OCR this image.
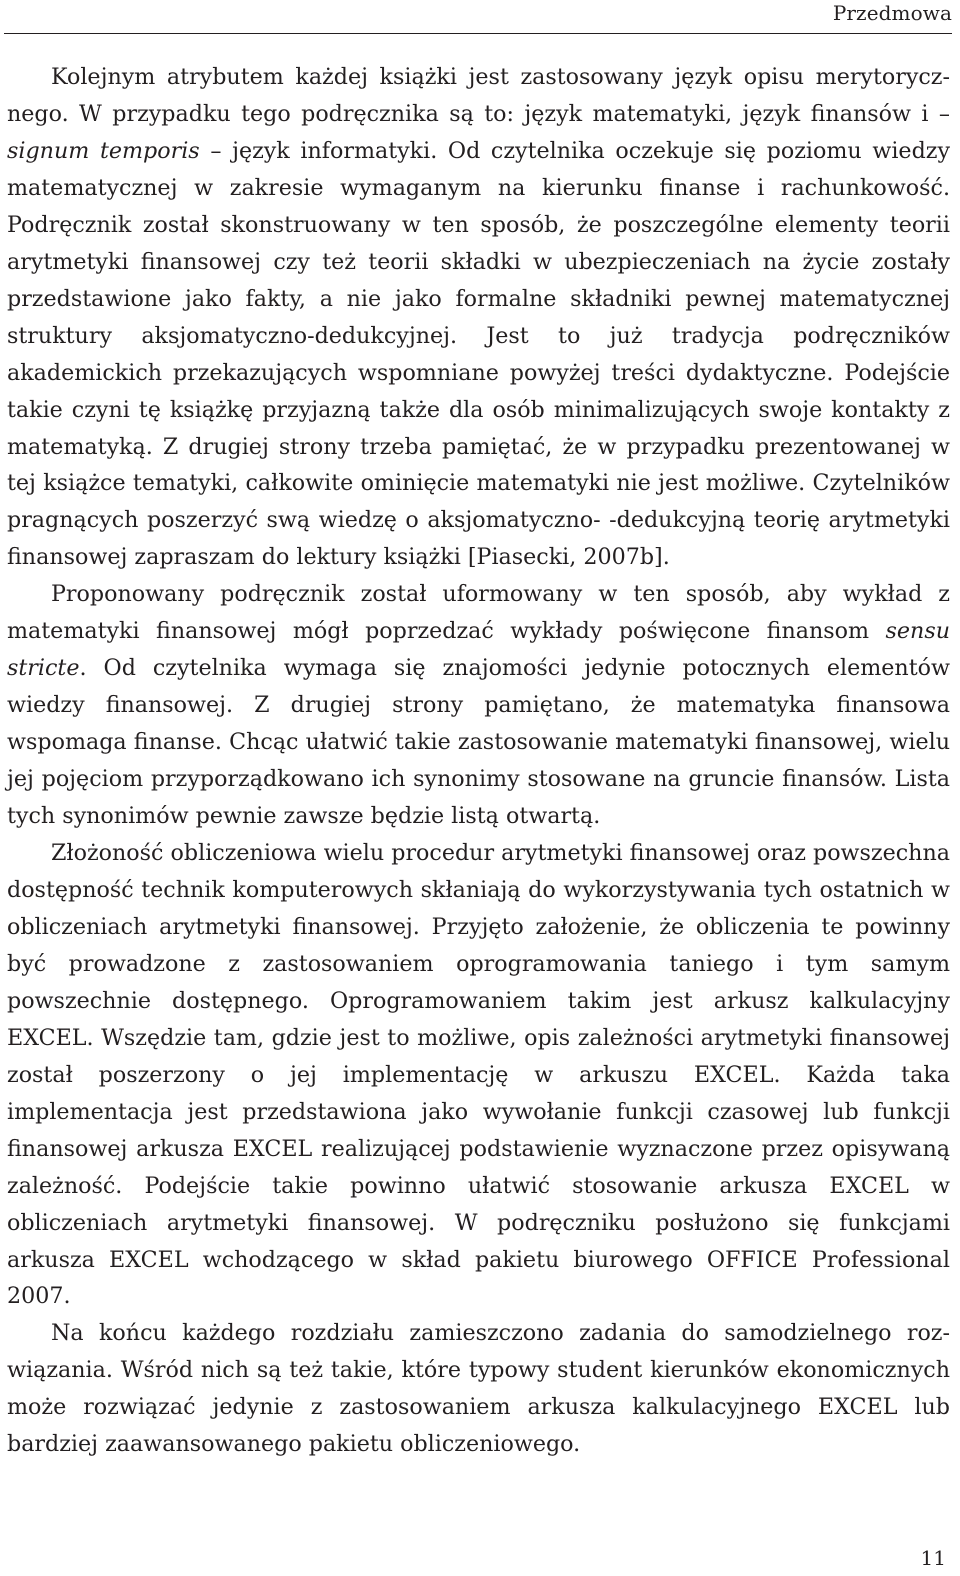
Przedmowa

Kolejnym atrybutem każdej książki jest zastosowany język opisu merytorycznego. W przypadku tego podręcznika są to: język matematyki, język finansów i – signum temporis – język informatyki. Od czytelnika oczekuje się poziomu wiedzy matematycznej w zakresie wymaganym na kierunku finanse i rachunkowość. Podręcznik został skonstruowany w ten sposób, że poszczególne elementy teorii arytmetyki finansowej czy też teorii składki w ubezpieczeniach na życie zostały przedstawione jako fakty, a nie jako formalne składniki pewnej matematycznej struktury aksjomatyczno-dedukcyjnej. Jest to już tradycja podręczników akademickich przekazujących wspomniane powyżej treści dydaktyczne. Podejście takie czyni tę książkę przyjazną także dla osób minimalizujących swoje kontakty z matematyką. Z drugiej strony trzeba pamiętać, że w przypadku prezentowanej w tej książce tematyki, całkowite ominięcie matematyki nie jest możliwe. Czytelników pragnących poszerzyć swą wiedzę o aksjomatyczno- ‑dedukcyjną teorię arytmetyki finansowej zapraszam do lektury książki [Piasecki, 2007b].

Proponowany podręcznik został uformowany w ten sposób, aby wykład z matematyki finansowej mógł poprzedzać wykłady poświęcone finansom sensu stricte. Od czytelnika wymaga się znajomości jedynie potocznych elementów wiedzy finansowej. Z drugiej strony pamiętano, że matematyka finansowa wspomaga finanse. Chcąc ułatwić takie zastosowanie matematyki finansowej, wielu jej pojęciom przyporządkowano ich synonimy stosowane na gruncie finansów. Lista tych synonimów pewnie zawsze będzie listą otwartą.

Złożoność obliczeniowa wielu procedur arytmetyki finansowej oraz powszechna dostępność technik komputerowych skłaniają do wykorzystywania tych ostatnich w obliczeniach arytmetyki finansowej. Przyjęto założenie, że obliczenia te powinny być prowadzone z zastosowaniem oprogramowania taniego i tym samym powszechnie dostępnego. Oprogramowaniem takim jest arkusz kalkulacyjny EXCEL. Wszędzie tam, gdzie jest to możliwe, opis zależności arytmetyki finansowej został poszerzony o jej implementację w arkuszu EXCEL. Każda taka implementacja jest przedstawiona jako wywołanie funkcji czasowej lub funkcji finansowej arkusza EXCEL realizującej podstawienie wyznaczone przez opisywaną zależność. Podejście takie powinno ułatwić stosowanie arkusza EXCEL w obliczeniach arytmetyki finansowej. W podręczniku posłużono się funkcjami arkusza EXCEL wchodzącego w skład pakietu biurowego OFFICE Professional 2007.

Na końcu każdego rozdziału zamieszczono zadania do samodzielnego rozwiązania. Wśród nich są też takie, które typowy student kierunków ekonomicznych może rozwiązać jedynie z zastosowaniem arkusza kalkulacyjnego EXCEL lub bardziej zaawansowanego pakietu obliczeniowego.

11
